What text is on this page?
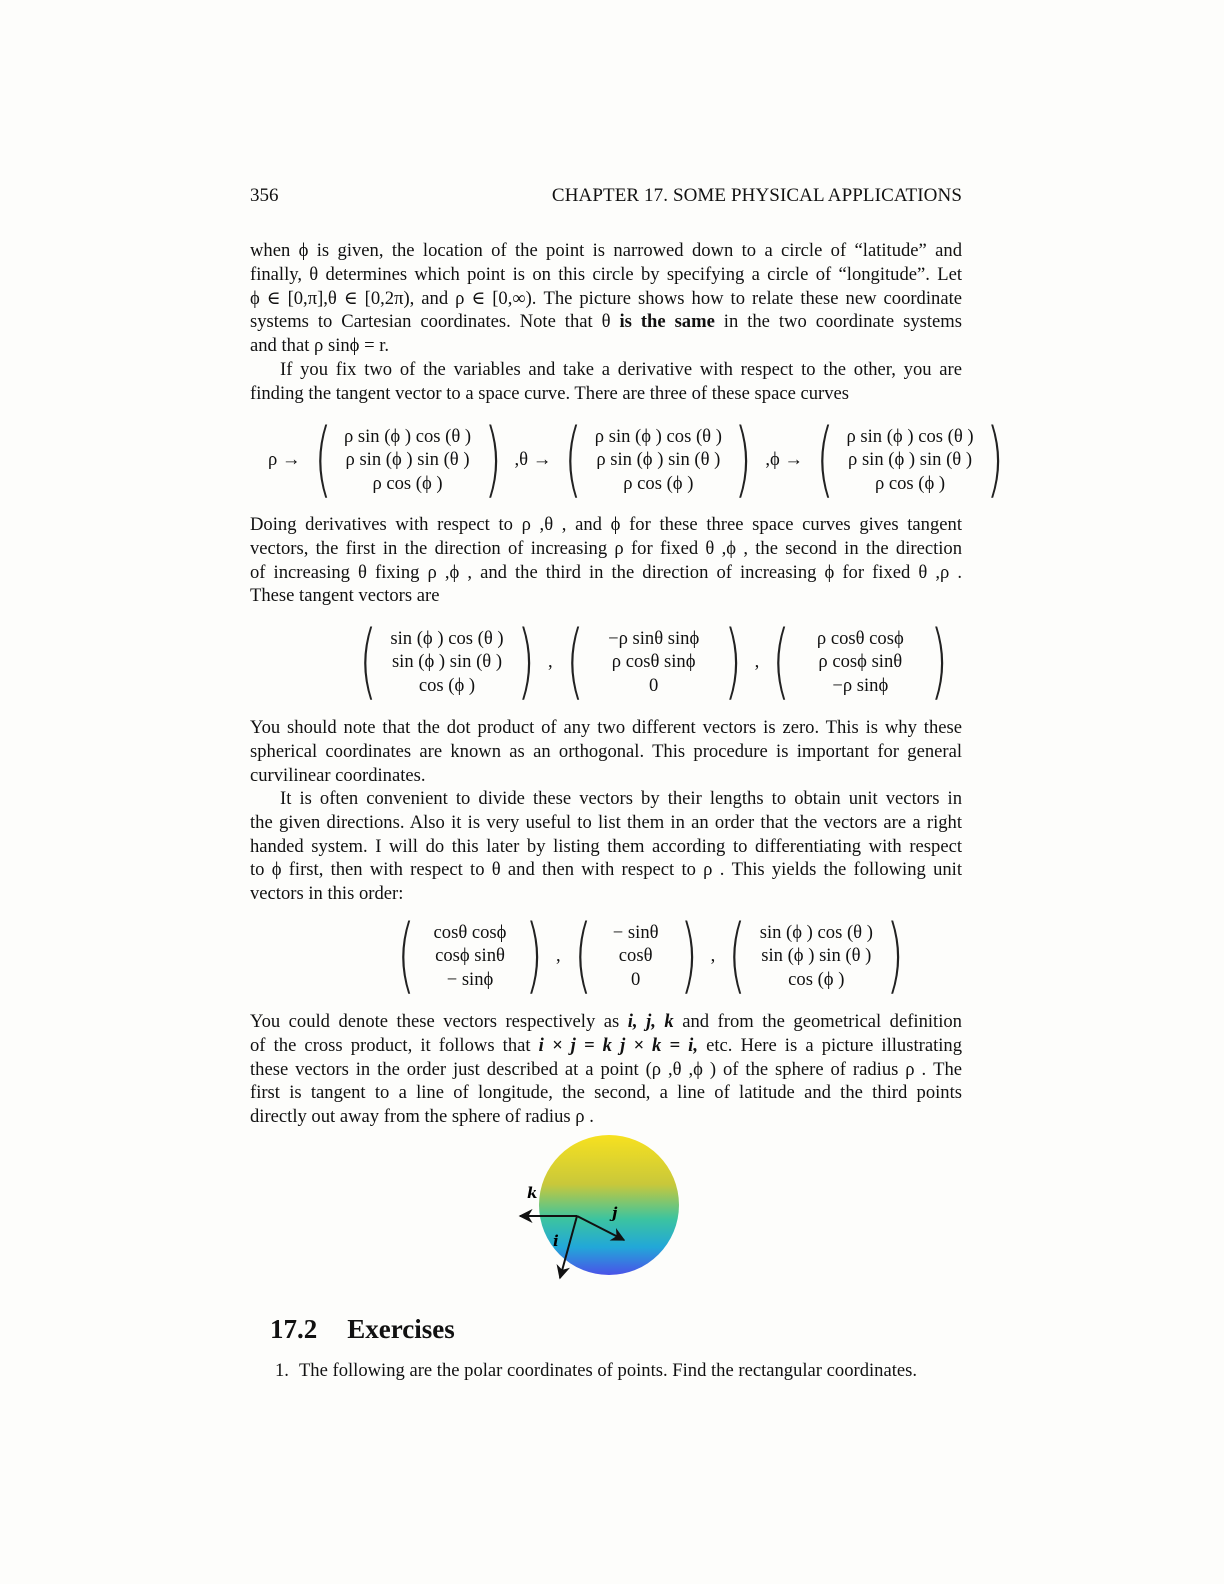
356	CHAPTER 17. SOME PHYSICAL APPLICATIONS
when ϕ is given, the location of the point is narrowed down to a circle of “latitude” and
finally, θ determines which point is on this circle by specifying a circle of “longitude”. Let
ϕ ∈ [0,π],θ ∈ [0,2π), and ρ ∈ [0,∞). The picture shows how to relate these new coordinate
systems to Cartesian coordinates. Note that θ is the same in the two coordinate systems
and that ρ sinϕ = r.
If you fix two of the variables and take a derivative with respect to the other, you are
finding the tangent vector to a space curve. There are three of these space curves
ρ → ( ρ sin (ϕ ) cos (θ )
ρ sin (ϕ ) sin (θ )
ρ cos (ϕ ) ) ,θ → ( ρ sin (ϕ ) cos (θ )
ρ sin (ϕ ) sin (θ )
ρ cos (ϕ ) ) ,ϕ → ( ρ sin (ϕ ) cos (θ )
ρ sin (ϕ ) sin (θ )
ρ cos (ϕ ) )
Doing derivatives with respect to ρ ,θ , and ϕ for these three space curves gives tangent
vectors, the first in the direction of increasing ρ for fixed θ ,ϕ , the second in the direction
of increasing θ fixing ρ ,ϕ , and the third in the direction of increasing ϕ for fixed θ ,ρ .
These tangent vectors are
( sin (ϕ ) cos (θ )
sin (ϕ ) sin (θ )
cos (ϕ ) ) , ( −ρ sinθ sinϕ
ρ cosθ sinϕ
0 ) , ( ρ cosθ cosϕ
ρ cosϕ sinθ
−ρ sinϕ )
You should note that the dot product of any two different vectors is zero. This is why these
spherical coordinates are known as an orthogonal. This procedure is important for general
curvilinear coordinates.
It is often convenient to divide these vectors by their lengths to obtain unit vectors in
the given directions. Also it is very useful to list them in an order that the vectors are a right
handed system. I will do this later by listing them according to differentiating with respect
to ϕ first, then with respect to θ and then with respect to ρ . This yields the following unit
vectors in this order:
( cosθ cosϕ
cosϕ sinθ
− sinϕ ) , ( − sinθ
cosθ
0 ) , ( sin (ϕ ) cos (θ )
sin (ϕ ) sin (θ )
cos (ϕ ) )
You could denote these vectors respectively as i, j, k and from the geometrical definition
of the cross product, it follows that i × j = k j × k = i, etc. Here is a picture illustrating
these vectors in the order just described at a point (ρ ,θ ,ϕ ) of the sphere of radius ρ . The
first is tangent to a line of longitude, the second, a line of latitude and the third points
directly out away from the sphere of radius ρ .
k
j
i
17.2 Exercises
1. The following are the polar coordinates of points. Find the rectangular coordinates.
